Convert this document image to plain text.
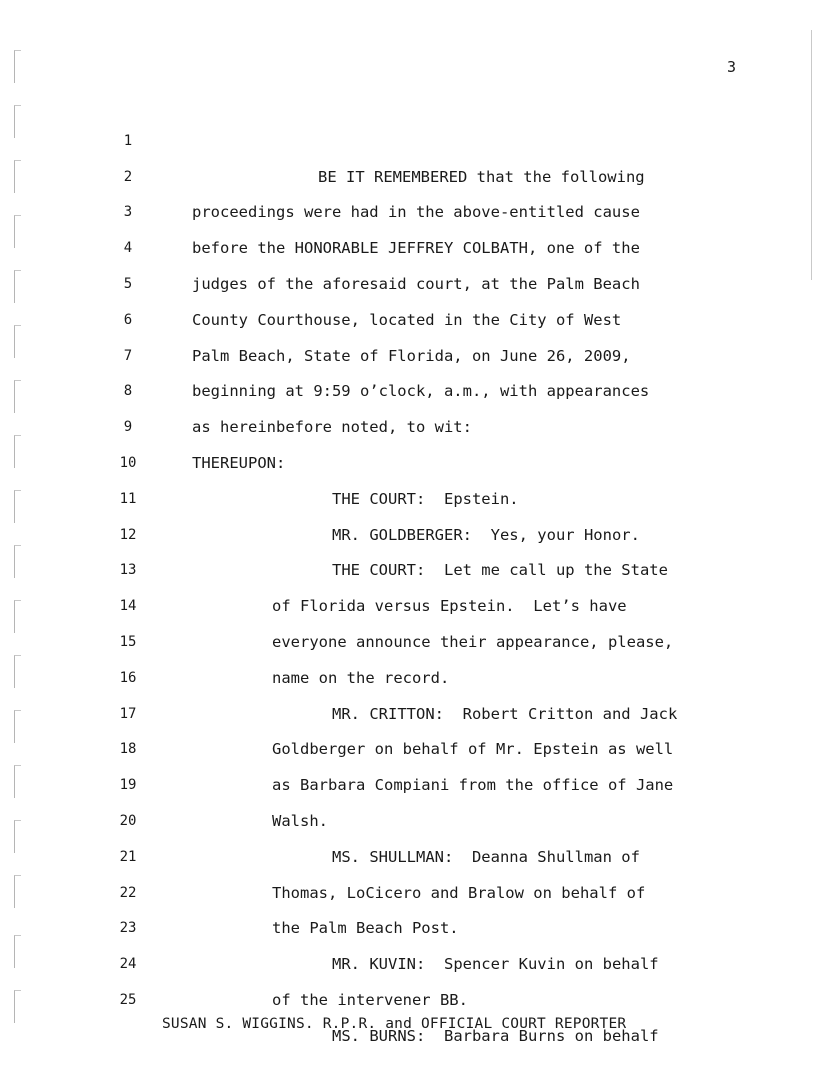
3

1

BE IT REMEMBERED that the following

2

proceedings were had in the above-entitled cause

3

before the HONORABLE JEFFREY COLBATH, one of the

4

judges of the aforesaid court, at the Palm Beach

5

County Courthouse, located in the City of West

6

Palm Beach, State of Florida, on June 26, 2009,

7

beginning at 9:59 o’clock, a.m., with appearances

8

as hereinbefore noted, to wit:

9

THEREUPON:

10

THE COURT:  Epstein.

11

MR. GOLDBERGER:  Yes, your Honor.

12

THE COURT:  Let me call up the State

13

of Florida versus Epstein.  Let’s have

14

everyone announce their appearance, please,

15

name on the record.

16

MR. CRITTON:  Robert Critton and Jack

17

Goldberger on behalf of Mr. Epstein as well

18

as Barbara Compiani from the office of Jane

19

Walsh.

20

MS. SHULLMAN:  Deanna Shullman of

21

Thomas, LoCicero and Bralow on behalf of

22

the Palm Beach Post.

23

MR. KUVIN:  Spencer Kuvin on behalf

24

of the intervener BB.

25

MS. BURNS:  Barbara Burns on behalf

SUSAN S. WIGGINS. R.P.R. and OFFICIAL COURT REPORTER
